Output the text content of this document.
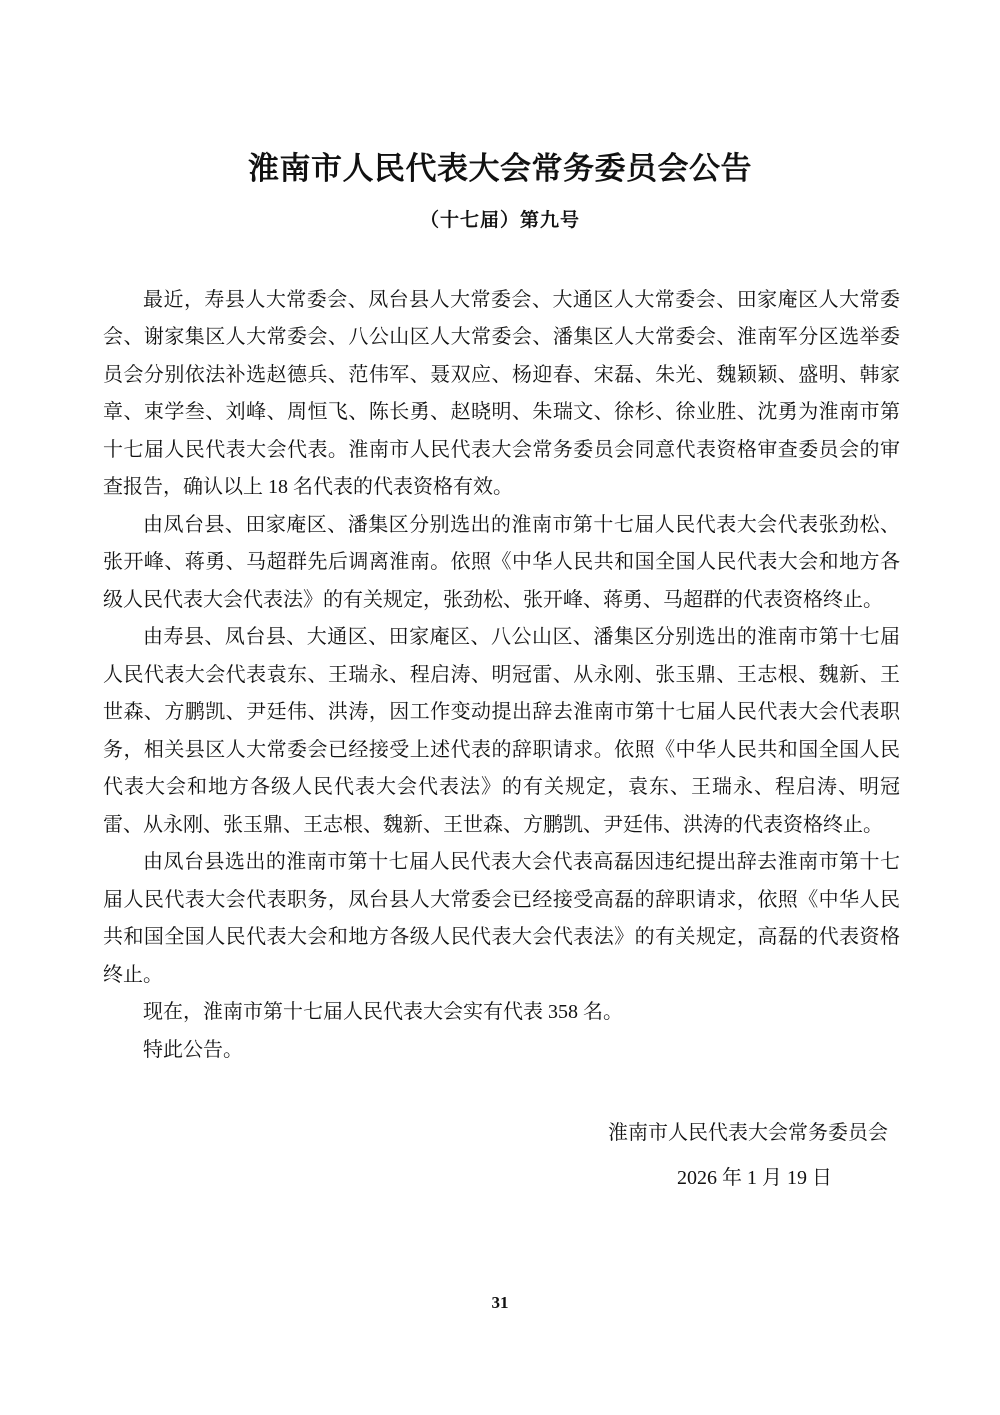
淮南市人民代表大会常务委员会公告
（十七届）第九号

最近，寿县人大常委会、凤台县人大常委会、大通区人大常委会、田家庵区人大常委会、谢家集区人大常委会、八公山区人大常委会、潘集区人大常委会、淮南军分区选举委员会分别依法补选赵德兵、范伟军、聂双应、杨迎春、宋磊、朱光、魏颖颖、盛明、韩家章、束学叁、刘峰、周恒飞、陈长勇、赵晓明、朱瑞文、徐杉、徐业胜、沈勇为淮南市第十七届人民代表大会代表。淮南市人民代表大会常务委员会同意代表资格审查委员会的审查报告，确认以上 18 名代表的代表资格有效。

由凤台县、田家庵区、潘集区分别选出的淮南市第十七届人民代表大会代表张劲松、张开峰、蒋勇、马超群先后调离淮南。依照《中华人民共和国全国人民代表大会和地方各级人民代表大会代表法》的有关规定，张劲松、张开峰、蒋勇、马超群的代表资格终止。

由寿县、凤台县、大通区、田家庵区、八公山区、潘集区分别选出的淮南市第十七届人民代表大会代表袁东、王瑞永、程启涛、明冠雷、从永刚、张玉鼎、王志根、魏新、王世森、方鹏凯、尹廷伟、洪涛，因工作变动提出辞去淮南市第十七届人民代表大会代表职务，相关县区人大常委会已经接受上述代表的辞职请求。依照《中华人民共和国全国人民代表大会和地方各级人民代表大会代表法》的有关规定，袁东、王瑞永、程启涛、明冠雷、从永刚、张玉鼎、王志根、魏新、王世森、方鹏凯、尹廷伟、洪涛的代表资格终止。

由凤台县选出的淮南市第十七届人民代表大会代表高磊因违纪提出辞去淮南市第十七届人民代表大会代表职务，凤台县人大常委会已经接受高磊的辞职请求，依照《中华人民共和国全国人民代表大会和地方各级人民代表大会代表法》的有关规定，高磊的代表资格终止。

现在，淮南市第十七届人民代表大会实有代表 358 名。

特此公告。

淮南市人民代表大会常务委员会
2026 年 1 月 19 日
31
